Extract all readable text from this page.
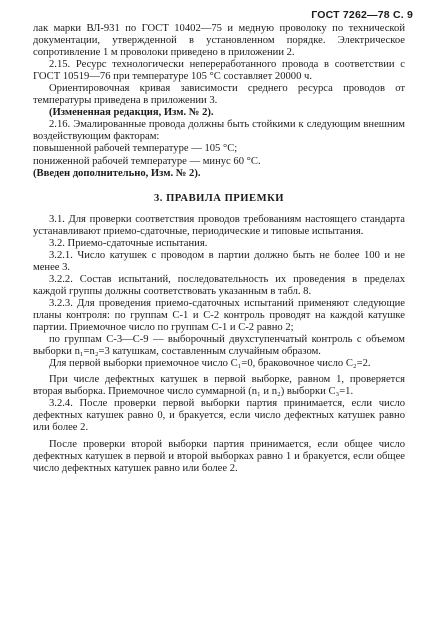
ГОСТ 7262—78 С. 9

лак марки ВЛ-931 по ГОСТ 10402—75 и медную проволоку по технической документации, утвержденной в установленном порядке. Электрическое сопротивление 1 м проволоки приведено в приложении 2.

2.15. Ресурс технологически непереработанного провода в соответствии с ГОСТ 10519—76 при температуре 105 °С составляет 20000 ч.

Ориентировочная кривая зависимости среднего ресурса проводов от температуры приведена в приложении 3.

(Измененная редакция, Изм. № 2).

2.16. Эмалированные провода должны быть стойкими к следующим внешним воздействующим факторам:

повышенной рабочей температуре — 105 °С;

пониженной рабочей температуре — минус 60 °С.

(Введен дополнительно, Изм. № 2).

3. ПРАВИЛА ПРИЕМКИ

3.1. Для проверки соответствия проводов требованиям настоящего стандарта устанавливают приемо-сдаточные, периодические и типовые испытания.

3.2. Приемо-сдаточные испытания.

3.2.1. Число катушек с проводом в партии должно быть не более 100 и не менее 3.

3.2.2. Состав испытаний, последовательность их проведения в пределах каждой группы должны соответствовать указанным в табл. 8.

3.2.3. Для проведения приемо-сдаточных испытаний применяют следующие планы контроля: по группам С-1 и С-2 контроль проводят на каждой катушке партии. Приемочное число по группам С-1 и С-2 равно 2;

по группам С-3—С-9 — выборочный двухступенчатый контроль с объемом выборки n₁=n₂=3 катушкам, составленным случайным образом.

Для первой выборки приемочное число C₁=0, браковочное число C₂=2.

При числе дефектных катушек в первой выборке, равном 1, проверяется вторая выборка. Приемочное число суммарной (n₁ и n₂) выборки C₃=1.

3.2.4. После проверки первой выборки партия принимается, если число дефектных катушек равно 0, и бракуется, если число дефектных катушек равно или более 2.

После проверки второй выборки партия принимается, если общее число дефектных катушек в первой и второй выборках равно 1 и бракуется, если общее число дефектных катушек равно или более 2.
